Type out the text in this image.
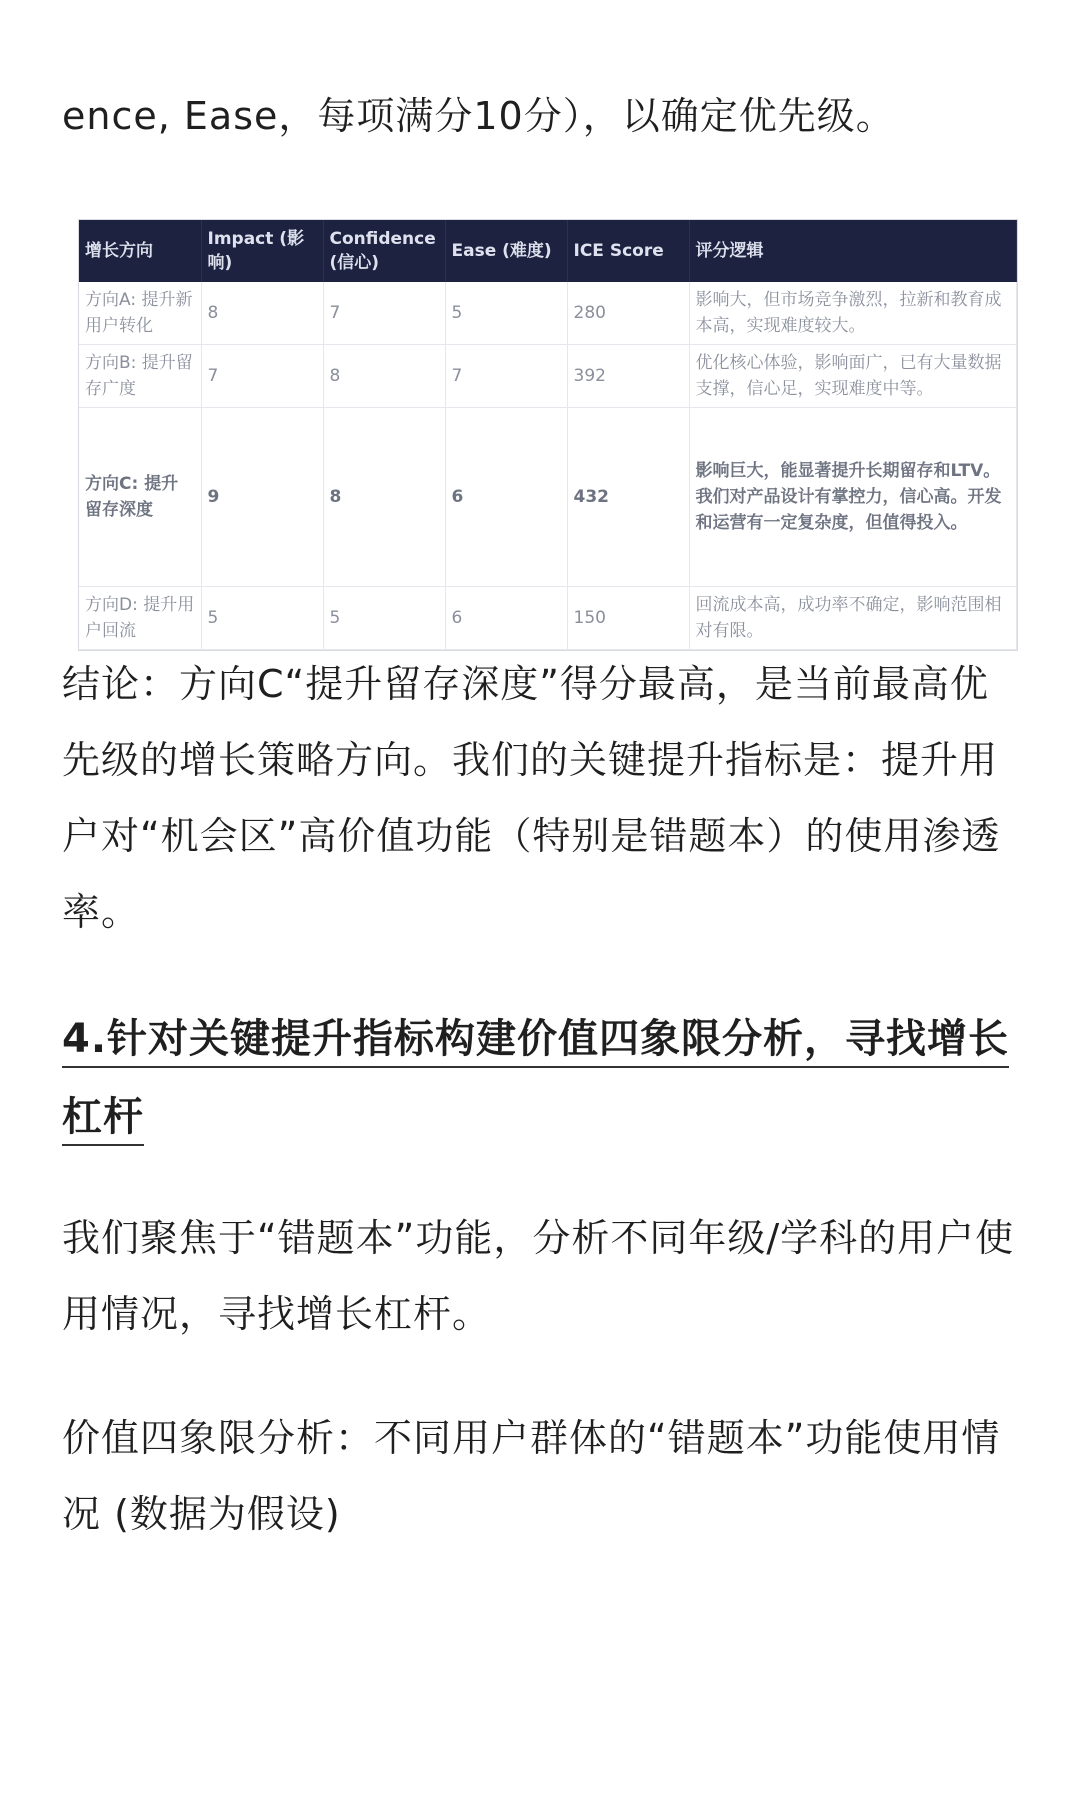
ence, Ease，每项满分10分），以确定优先级。

增长方向	Impact (影响)	Confidence (信心)	Ease (难度)	ICE Score	评分逻辑
方向A: 提升新用户转化	8	7	5	280	影响大，但市场竞争激烈，拉新和教育成本高，实现难度较大。
方向B: 提升留存广度	7	8	7	392	优化核心体验，影响面广，已有大量数据支撑，信心足，实现难度中等。
方向C: 提升留存深度	9	8	6	432	影响巨大，能显著提升长期留存和LTV。我们对产品设计有掌控力，信心高。开发和运营有一定复杂度，但值得投入。
方向D: 提升用户回流	5	5	6	150	回流成本高，成功率不确定，影响范围相对有限。

结论：方向C“提升留存深度”得分最高，是当前最高优先级的增长策略方向。我们的关键提升指标是：提升用户对“机会区”高价值功能（特别是错题本）的使用渗透率。

4.针对关键提升指标构建价值四象限分析，寻找增长杠杆

我们聚焦于“错题本”功能，分析不同年级/学科的用户使用情况，寻找增长杠杆。

价值四象限分析：不同用户群体的“错题本”功能使用情况 (数据为假设)
